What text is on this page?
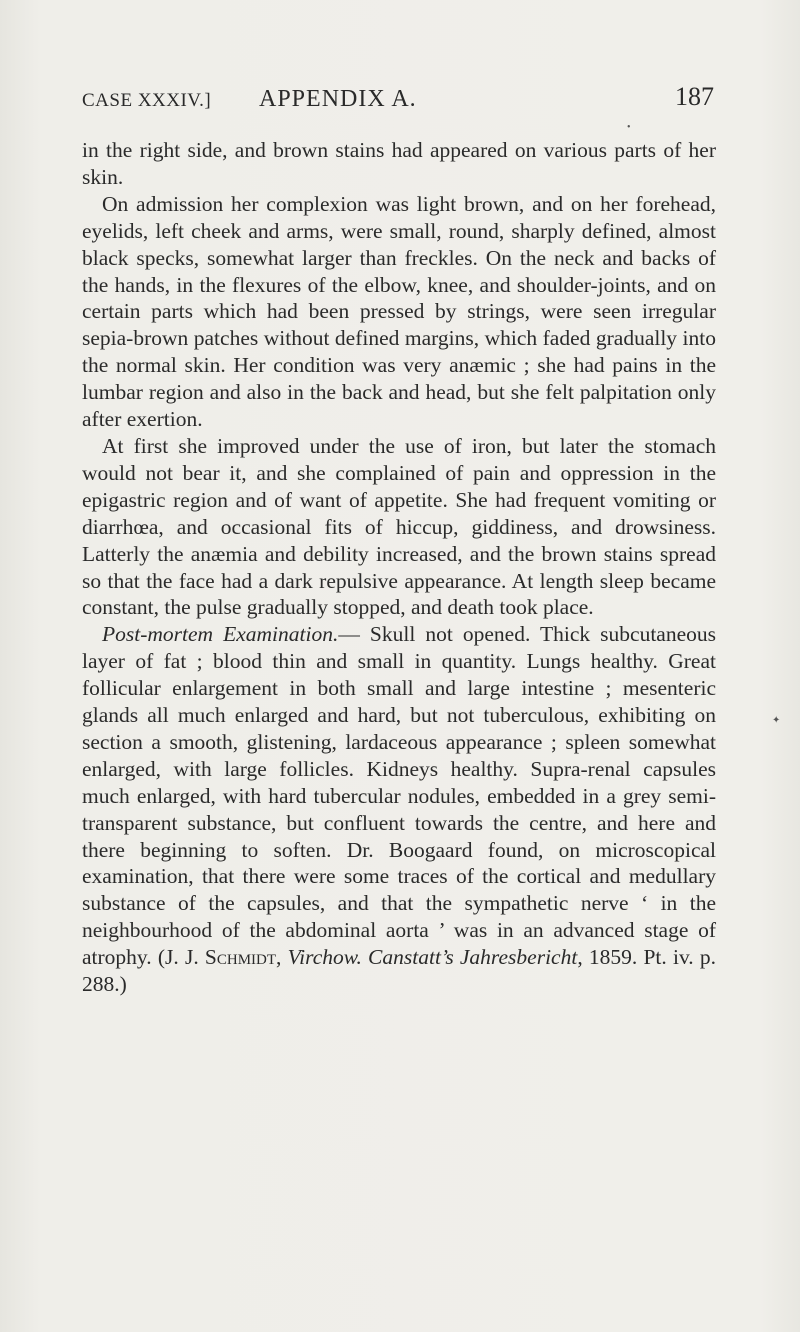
CASE XXXIV.] APPENDIX A.	187

in the right side, and brown stains had appeared on various parts of her skin.

On admission her complexion was light brown, and on her forehead, eyelids, left cheek and arms, were small, round, sharply defined, almost black specks, somewhat larger than freckles. On the neck and backs of the hands, in the flexures of the elbow, knee, and shoulder-joints, and on certain parts which had been pressed by strings, were seen irregular sepia-brown patches without defined margins, which faded gradually into the normal skin. Her condition was very anæmic ; she had pains in the lumbar region and also in the back and head, but she felt palpitation only after exertion.

At first she improved under the use of iron, but later the stomach would not bear it, and she complained of pain and oppression in the epigastric region and of want of appetite. She had frequent vomiting or diarrhœa, and occasional fits of hiccup, giddiness, and drowsiness. Latterly the anæmia and debility increased, and the brown stains spread so that the face had a dark repulsive appearance. At length sleep became constant, the pulse gradually stopped, and death took place.

Post-mortem Examination.— Skull not opened. Thick subcutaneous layer of fat ; blood thin and small in quantity. Lungs healthy. Great follicular enlargement in both small and large intestine ; mesenteric glands all much enlarged and hard, but not tuberculous, exhibiting on section a smooth, glistening, lardaceous appearance ; spleen somewhat enlarged, with large follicles. Kidneys healthy. Supra-renal capsules much enlarged, with hard tubercular nodules, embedded in a grey semi-transparent substance, but confluent towards the centre, and here and there beginning to soften. Dr. Boogaard found, on microscopical examination, that there were some traces of the cortical and medullary substance of the capsules, and that the sympathetic nerve ‘ in the neighbourhood of the abdominal aorta ’ was in an advanced stage of atrophy. (J. J. Schmidt, Virchow. Canstatt’s Jahresbericht, 1859. Pt. iv. p. 288.)

•
✦
